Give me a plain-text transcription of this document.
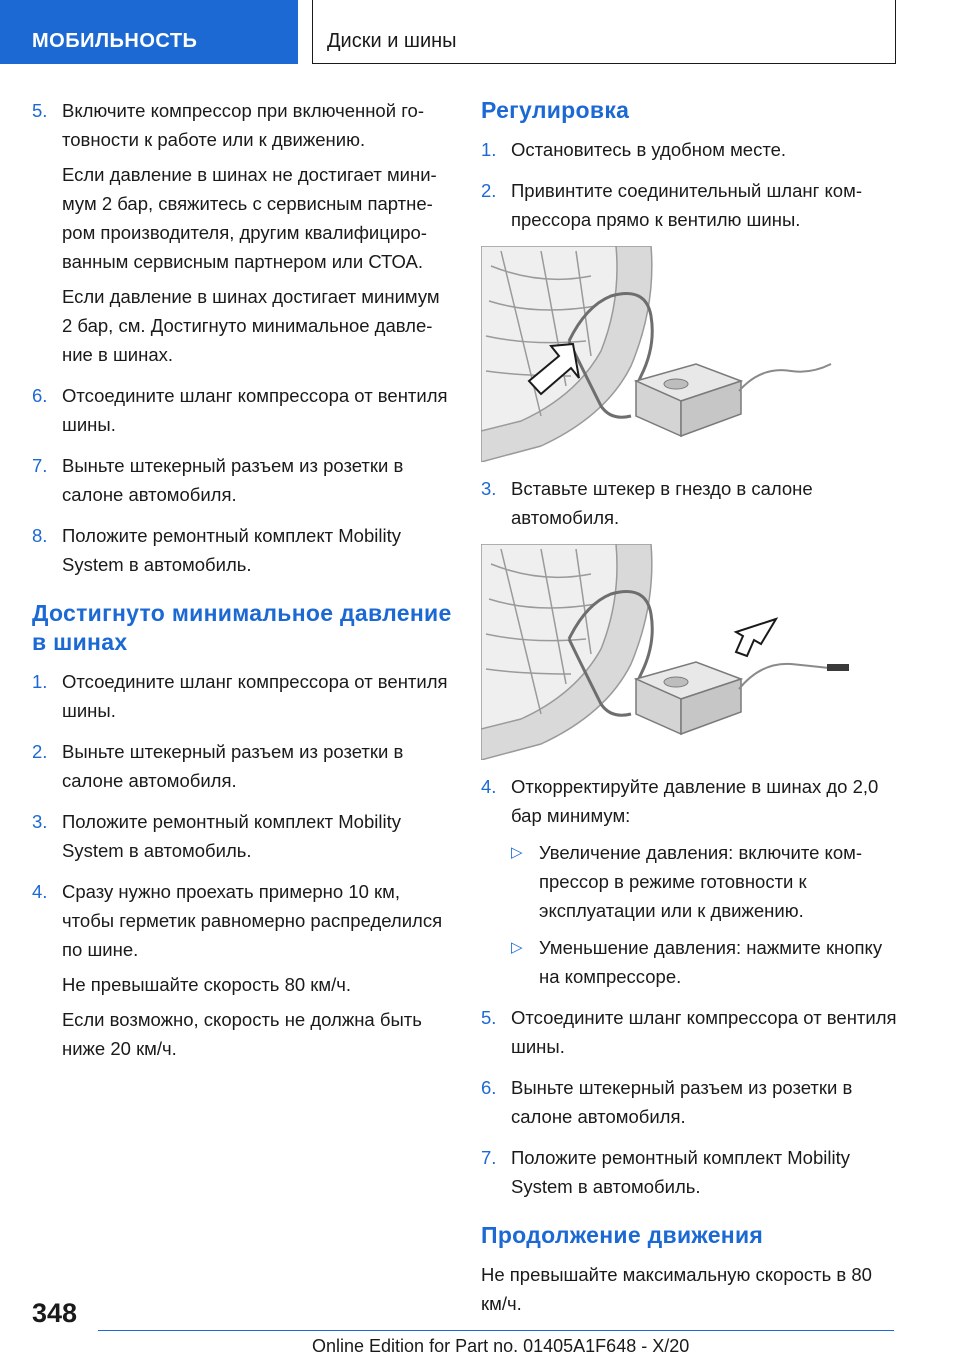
МОБИЛЬНОСТЬ	Диски и шины
5. Включите компрессор при включенной готовности к работе или к движению.

Если давление в шинах не достигает минимум 2 бар, свяжитесь с сервисным партнером производителя, другим квалифицированным сервисным партнером или СТОА.

Если давление в шинах достигает минимум 2 бар, см. Достигнуто минимальное давление в шинах.

6. Отсоедините шланг компрессора от вентиля шины.

7. Выньте штекерный разъем из розетки в салоне автомобиля.

8. Положите ремонтный комплект Mobility System в автомобиль.

Достигнуто минимальное давление в шинах
1. Отсоедините шланг компрессора от вентиля шины.

2. Выньте штекерный разъем из розетки в салоне автомобиля.

3. Положите ремонтный комплект Mobility System в автомобиль.

4. Сразу нужно проехать примерно 10 км, чтобы герметик равномерно распределился по шине.

Не превышайте скорость 80 км/ч.

Если возможно, скорость не должна быть ниже 20 км/ч.

Регулировка
1. Остановитесь в удобном месте.

2. Привинтите соединительный шланг компрессора прямо к вентилю шины.

3. Вставьте штекер в гнездо в салоне автомобиля.

4. Откорректируйте давление в шинах до 2,0 бар минимум:

▷ Увеличение давления: включите компрессор в режиме готовности к эксплуатации или к движению.
▷ Уменьшение давления: нажмите кнопку на компрессоре.
5. Отсоедините шланг компрессора от вентиля шины.

6. Выньте штекерный разъем из розетки в салоне автомобиля.

7. Положите ремонтный комплект Mobility System в автомобиль.

Продолжение движения

Не превышайте максимальную скорость в 80 км/ч.

348
Online Edition for Part no. 01405A1F648 - X/20
